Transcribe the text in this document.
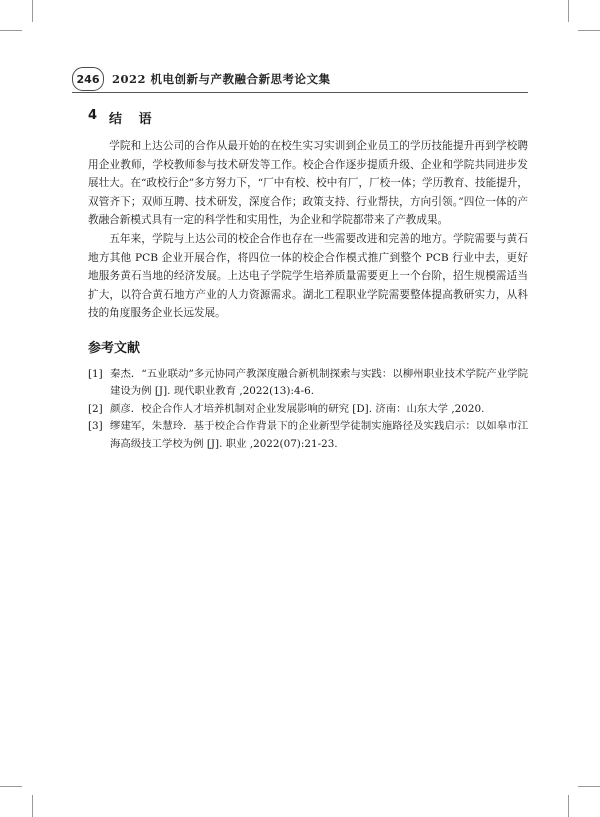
246	2022 机电创新与产教融合新思考论文集
4 结 语

学院和上达公司的合作从最开始的在校生实习实训到企业员工的学历技能提升再到学校聘用企业教师，学校教师参与技术研发等工作。校企合作逐步提质升级、企业和学院共同进步发展壮大。在“政校行企”多方努力下，“厂中有校、校中有厂，厂校一体；学历教育、技能提升，双管齐下；双师互聘、技术研发，深度合作；政策支持、行业帮扶，方向引领。”四位一体的产教融合新模式具有一定的科学性和实用性，为企业和学院都带来了产教成果。

五年来，学院与上达公司的校企合作也存在一些需要改进和完善的地方。学院需要与黄石地方其他 PCB 企业开展合作，将四位一体的校企合作模式推广到整个 PCB 行业中去，更好地服务黄石当地的经济发展。上达电子学院学生培养质量需要更上一个台阶，招生规模需适当扩大，以符合黄石地方产业的人力资源需求。湖北工程职业学院需要整体提高教研实力，从科技的角度服务企业长远发展。

参考文献
[1] 秦杰．“五业联动”多元协同产教深度融合新机制探索与实践：以柳州职业技术学院产业学院建设为例 [J]. 现代职业教育 ,2022(13):4-6.
[2] 颜彦．校企合作人才培养机制对企业发展影响的研究 [D]. 济南：山东大学 ,2020.
[3] 缪建军，朱慧玲．基于校企合作背景下的企业新型学徒制实施路径及实践启示：以如皋市江海高级技工学校为例 [J]. 职业 ,2022(07):21-23.
